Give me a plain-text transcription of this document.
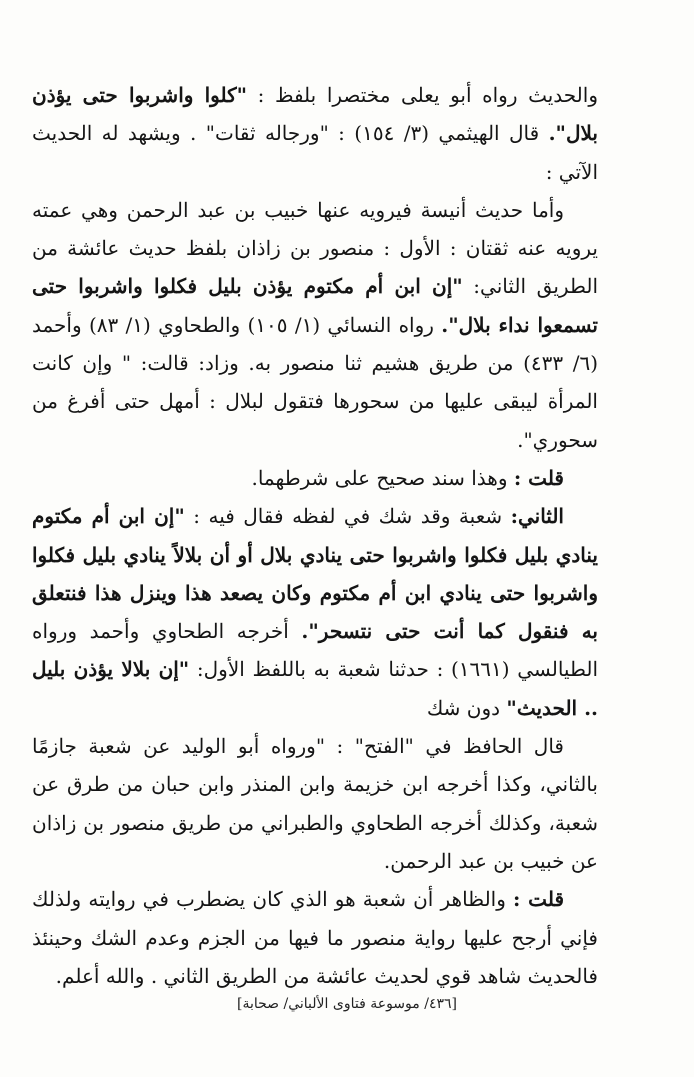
والحديث رواه أبو يعلى مختصرا بلفظ : "كلوا واشربوا حتى يؤذن بلال". قال الهيثمي (٣/ ١٥٤) : "ورجاله ثقات" . ويشهد له الحديث الآتي :

وأما حديث أنيسة فيرويه عنها خبيب بن عبد الرحمن وهي عمته يرويه عنه ثقتان : الأول : منصور بن زاذان بلفظ حديث عائشة من الطريق الثاني: "إن ابن أم مكتوم يؤذن بليل فكلوا واشربوا حتى تسمعوا نداء بلال". رواه النسائي (١/ ١٠٥) والطحاوي (١/ ٨٣) وأحمد (٦/ ٤٣٣) من طريق هشيم ثنا منصور به. وزاد: قالت: " وإن كانت المرأة ليبقى عليها من سحورها فتقول لبلال : أمهل حتى أفرغ من سحوري".

قلت : وهذا سند صحيح على شرطهما.

الثاني: شعبة وقد شك في لفظه فقال فيه : "إن ابن أم مكتوم ينادي بليل فكلوا واشربوا حتى ينادي بلال أو أن بلالاً ينادي بليل فكلوا واشربوا حتى ينادي ابن أم مكتوم وكان يصعد هذا وينزل هذا فنتعلق به فنقول كما أنت حتى نتسحر". أخرجه الطحاوي وأحمد ورواه الطيالسي (١٦٦١) : حدثنا شعبة به باللفظ الأول: "إن بلالا يؤذن بليل .. الحديث" دون شك

قال الحافظ في "الفتح" : "ورواه أبو الوليد عن شعبة جازمًا بالثاني، وكذا أخرجه ابن خزيمة وابن المنذر وابن حبان من طرق عن شعبة، وكذلك أخرجه الطحاوي والطبراني من طريق منصور بن زاذان عن خبيب بن عبد الرحمن.

قلت : والظاهر أن شعبة هو الذي كان يضطرب في روايته ولذلك فإني أرجح عليها رواية منصور ما فيها من الجزم وعدم الشك وحينئذ فالحديث شاهد قوي لحديث عائشة من الطريق الثاني . والله أعلم.

[٤٣٦/ موسوعة فتاوى الألباني/ صحابة]
